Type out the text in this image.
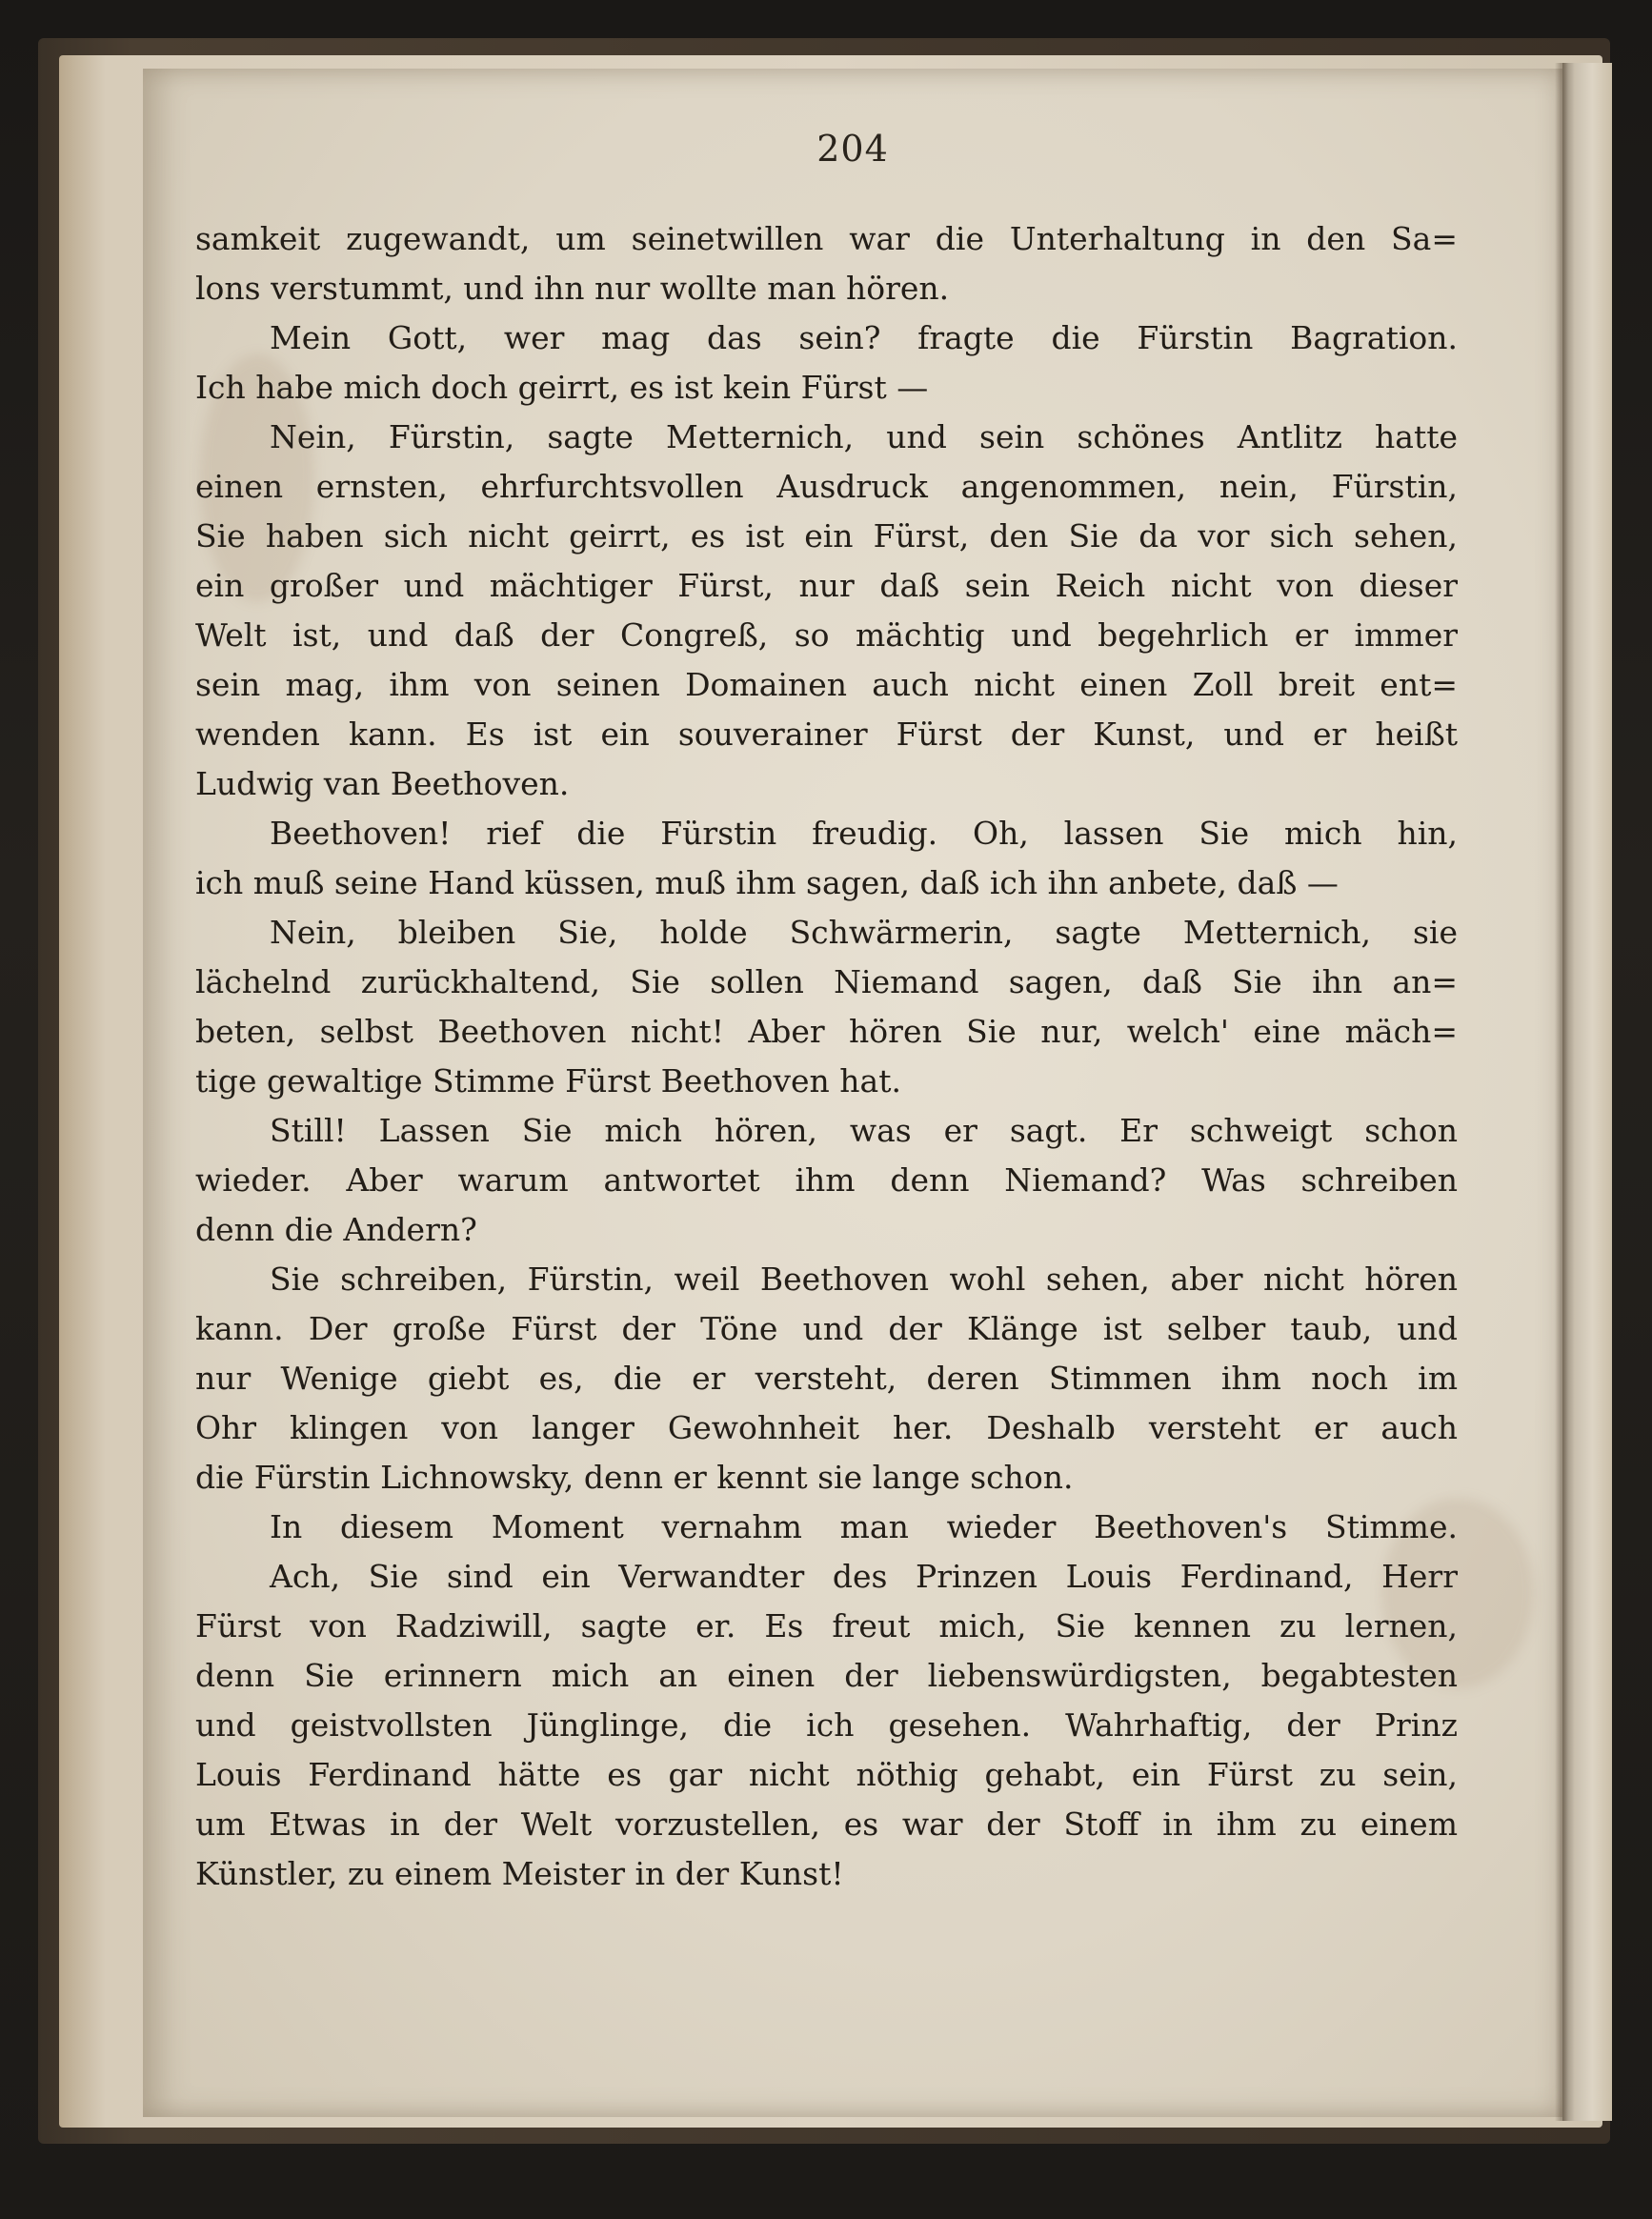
204
samkeit zugewandt, um seinetwillen war die Unterhaltung in den Sa=
lons verstummt, und ihn nur wollte man hören.
Mein Gott, wer mag das sein? fragte die Fürstin Bagration.
Ich habe mich doch geirrt, es ist kein Fürst —
Nein, Fürstin, sagte Metternich, und sein schönes Antlitz hatte
einen ernsten, ehrfurchtsvollen Ausdruck angenommen, nein, Fürstin,
Sie haben sich nicht geirrt, es ist ein Fürst, den Sie da vor sich sehen,
ein großer und mächtiger Fürst, nur daß sein Reich nicht von dieser
Welt ist, und daß der Congreß, so mächtig und begehrlich er immer
sein mag, ihm von seinen Domainen auch nicht einen Zoll breit ent=
wenden kann. Es ist ein souverainer Fürst der Kunst, und er heißt
Ludwig van Beethoven.
Beethoven! rief die Fürstin freudig. Oh, lassen Sie mich hin,
ich muß seine Hand küssen, muß ihm sagen, daß ich ihn anbete, daß —
Nein, bleiben Sie, holde Schwärmerin, sagte Metternich, sie
lächelnd zurückhaltend, Sie sollen Niemand sagen, daß Sie ihn an=
beten, selbst Beethoven nicht! Aber hören Sie nur, welch' eine mäch=
tige gewaltige Stimme Fürst Beethoven hat.
Still! Lassen Sie mich hören, was er sagt. Er schweigt schon
wieder. Aber warum antwortet ihm denn Niemand? Was schreiben
denn die Andern?
Sie schreiben, Fürstin, weil Beethoven wohl sehen, aber nicht hören
kann. Der große Fürst der Töne und der Klänge ist selber taub, und
nur Wenige giebt es, die er versteht, deren Stimmen ihm noch im
Ohr klingen von langer Gewohnheit her. Deshalb versteht er auch
die Fürstin Lichnowsky, denn er kennt sie lange schon.
In diesem Moment vernahm man wieder Beethoven's Stimme.
Ach, Sie sind ein Verwandter des Prinzen Louis Ferdinand, Herr
Fürst von Radziwill, sagte er. Es freut mich, Sie kennen zu lernen,
denn Sie erinnern mich an einen der liebenswürdigsten, begabtesten
und geistvollsten Jünglinge, die ich gesehen. Wahrhaftig, der Prinz
Louis Ferdinand hätte es gar nicht nöthig gehabt, ein Fürst zu sein,
um Etwas in der Welt vorzustellen, es war der Stoff in ihm zu einem
Künstler, zu einem Meister in der Kunst!
